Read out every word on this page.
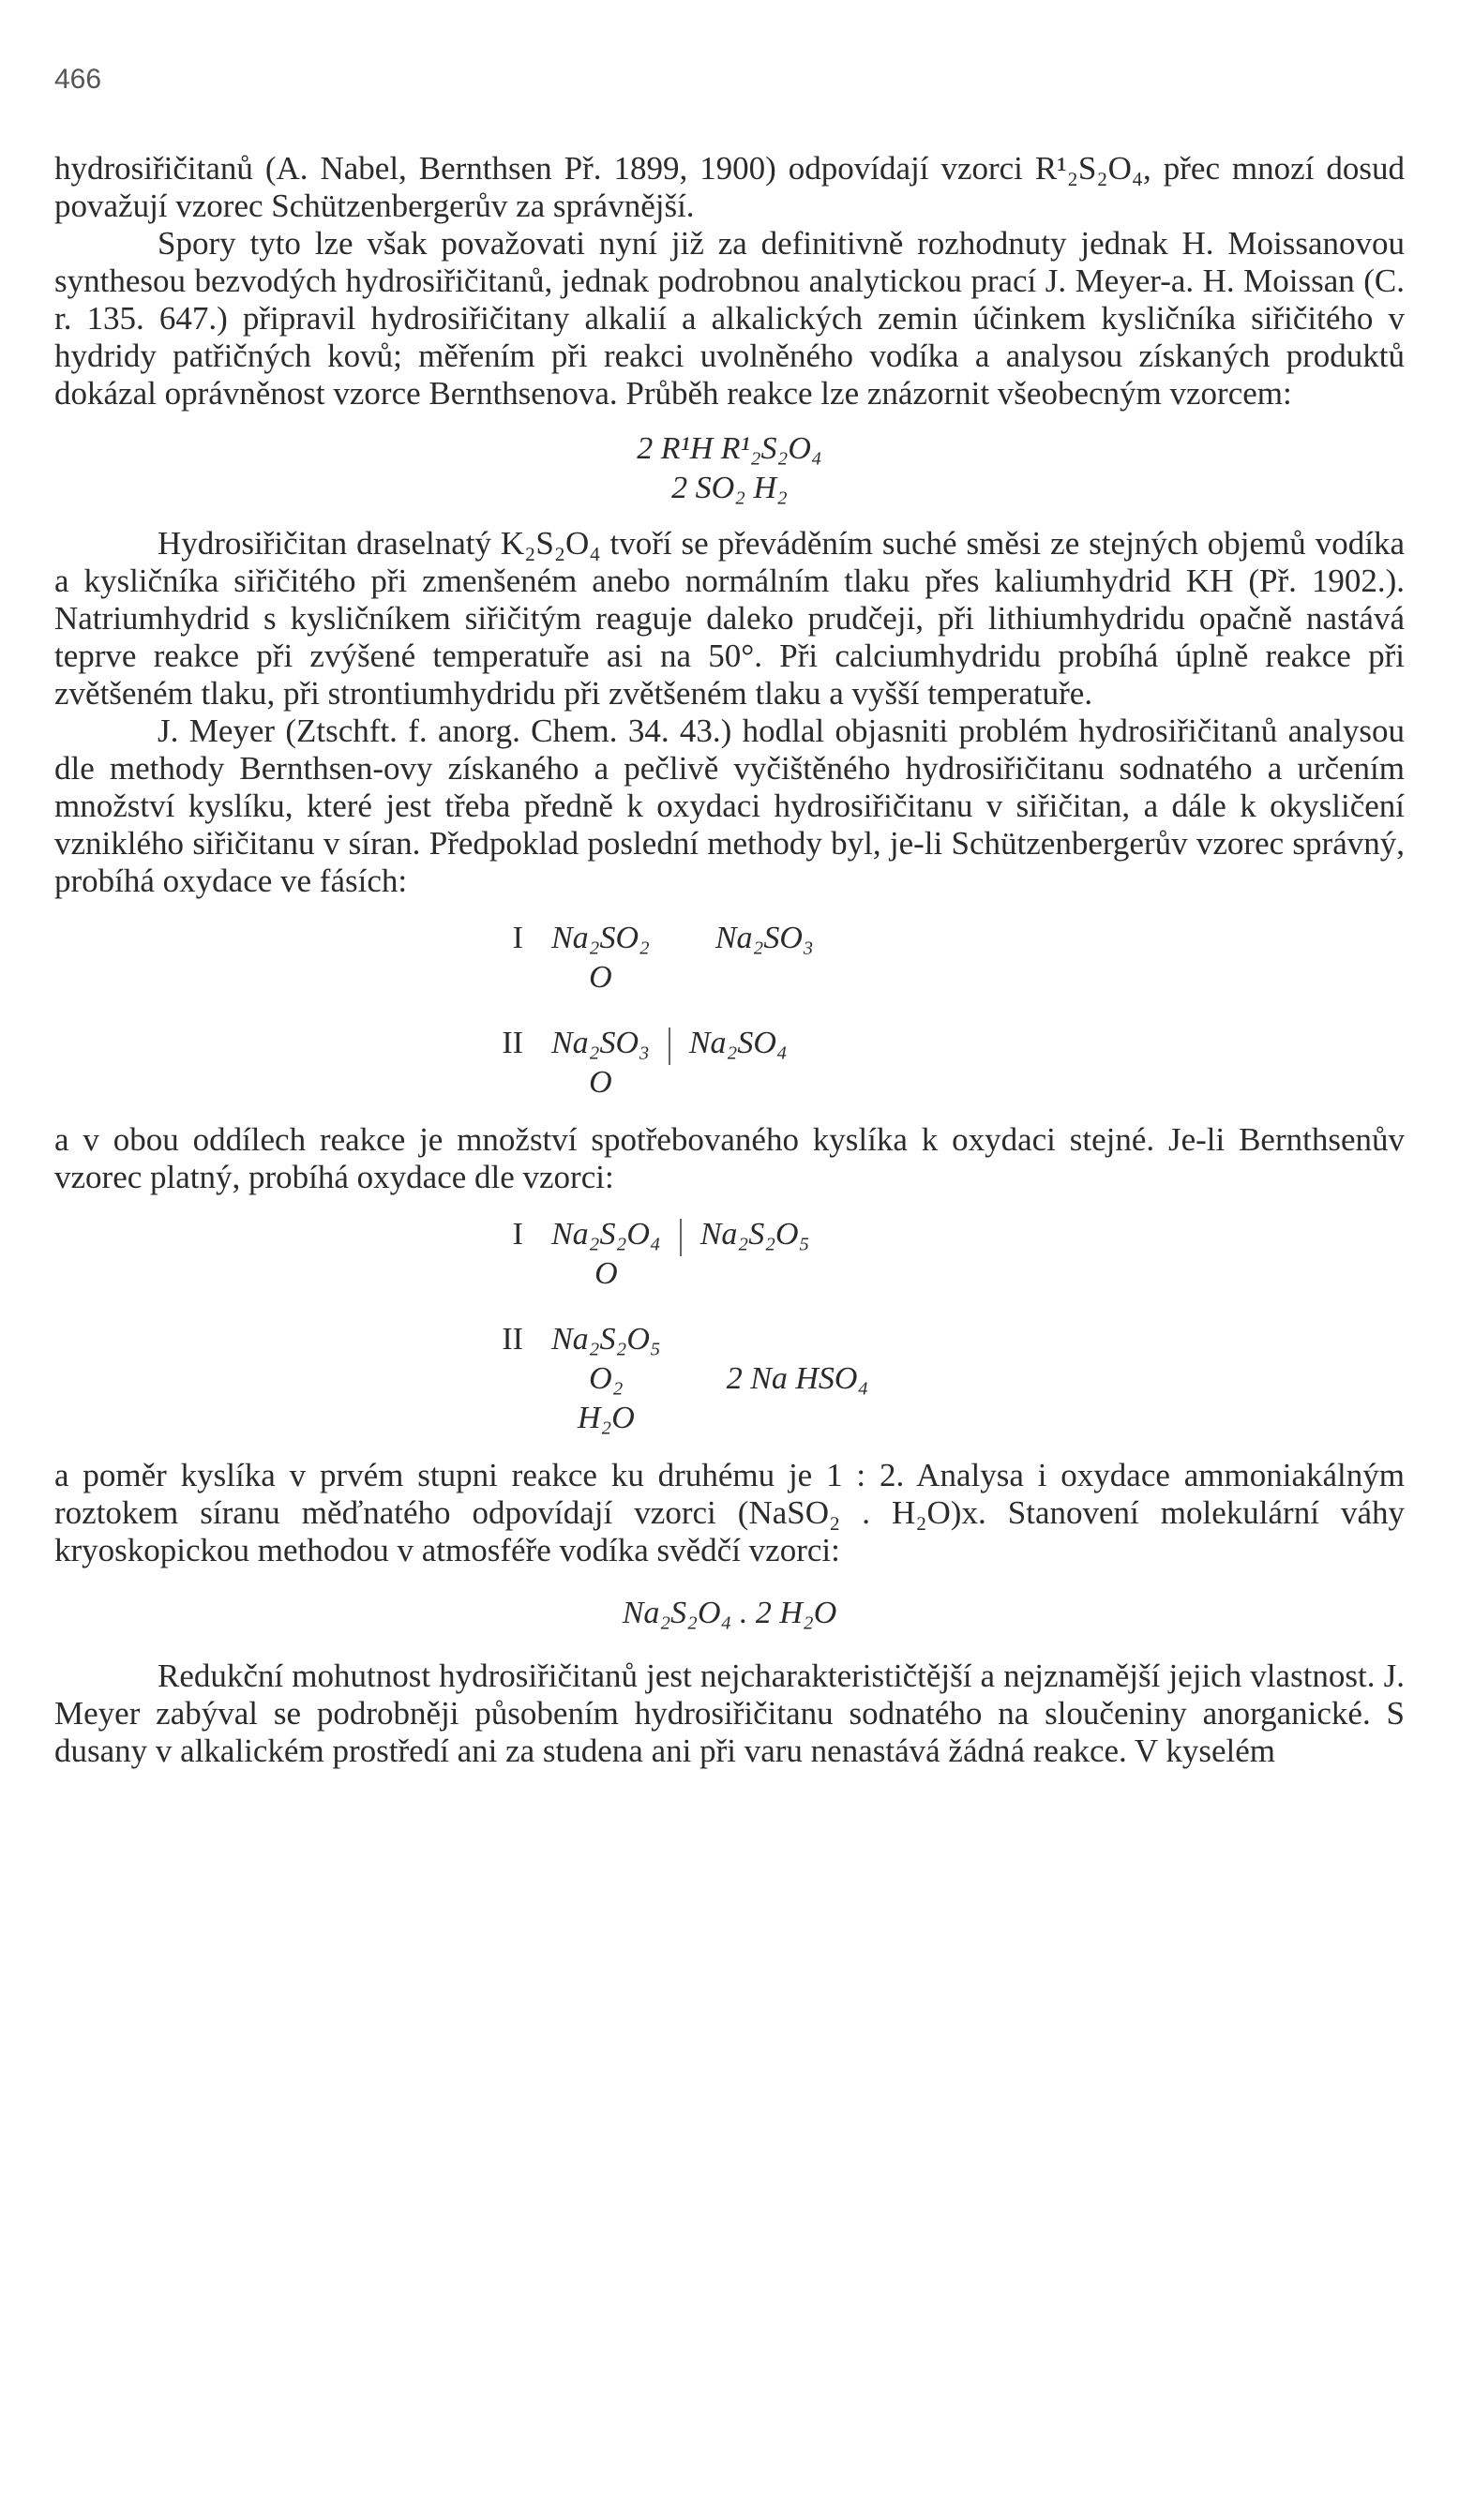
466

hydrosiřičitanů (A. Nabel, Bernthsen Př. 1899, 1900) odpovídají vzorci R¹₂S₂O₄, přec mnozí dosud považují vzorec Schützenbergerův za správnější.

Spory tyto lze však považovati nyní již za definitivně rozhodnuty jednak H. Moissanovou synthesou bezvodých hydrosiřičitanů, jednak podrobnou analytickou prací J. Meyer-a. H. Moissan (C. r. 135. 647.) připravil hydrosiřičitany alkalií a alkalických zemin účinkem kysličníka siřičitého v hydridy patřičných kovů; měřením při reakci uvolněného vodíka a analysou získaných produktů dokázal oprávněnost vzorce Bernthsenova. Průběh reakce lze znázornit všeobecným vzorcem:

2 R¹H R¹₂S₂O₄
2 SO₂ H₂

Hydrosiřičitan draselnatý K₂S₂O₄ tvoří se převáděním suché směsi ze stejných objemů vodíka a kysličníka siřičitého při zmenšeném anebo normálním tlaku přes kaliumhydrid KH (Př. 1902.). Natriumhydrid s kysličníkem siřičitým reaguje daleko prudčeji, při lithiumhydridu opačně nastává teprve reakce při zvýšené temperatuře asi na 50°. Při calciumhydridu probíhá úplně reakce při zvětšeném tlaku, při strontiumhydridu při zvětšeném tlaku a vyšší temperatuře.

J. Meyer (Ztschft. f. anorg. Chem. 34. 43.) hodlal objasniti problém hydrosiřičitanů analysou dle methody Bernthsen-ovy získaného a pečlivě vyčištěného hydrosiřičitanu sodnatého a určením množství kyslíku, které jest třeba předně k oxydaci hydrosiřičitanu v siřičitan, a dále k okysličení vzniklého siřičitanu v síran. Předpoklad poslední methody byl, je-li Schützenbergerův vzorec správný, probíhá oxydace ve fásích:

I Na₂SO₂
O
Na₂SO₃
II Na₂SO₃
O
Na₂SO₄

a v obou oddílech reakce je množství spotřebovaného kyslíka k oxydaci stejné. Je-li Bernthsenův vzorec platný, probíhá oxydace dle vzorci:

I Na₂S₂O₄
O
Na₂S₂O₅
II Na₂S₂O₅
O₂
H₂O
2 Na HSO₄

a poměr kyslíka v prvém stupni reakce ku druhému je 1 : 2. Analysa i oxydace ammoniakálným roztokem síranu měďnatého odpovídají vzorci (NaSO₂ . H₂O)x. Stanovení molekulární váhy kryoskopickou methodou v atmosféře vodíka svědčí vzorci:

Na₂S₂O₄ . 2 H₂O

Redukční mohutnost hydrosiřičitanů jest nejcharakterističtější a nejznamější jejich vlastnost. J. Meyer zabýval se podrobněji působením hydrosiřičitanu sodnatého na sloučeniny anorganické. S dusany v alkalickém prostředí ani za studena ani při varu nenastává žádná reakce. V kyselém
